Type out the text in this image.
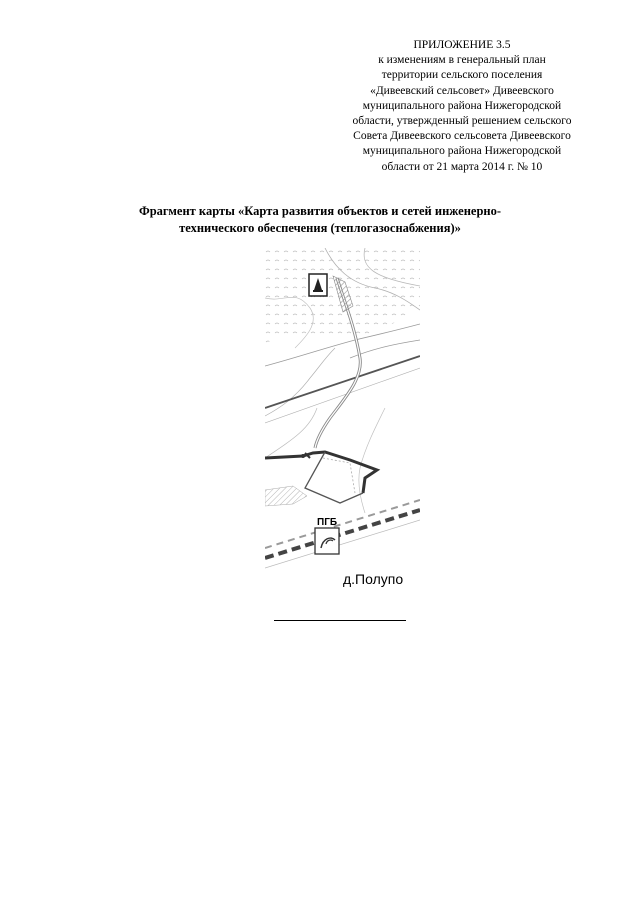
ПРИЛОЖЕНИЕ 3.5
к изменениям в генеральный план
территории сельского поселения
«Дивеевский сельсовет» Дивеевского
муниципального района Нижегородской
области, утвержденный решением сельского
Совета Дивеевского сельсовета Дивеевского
муниципального района Нижегородской
области от 21 марта 2014 г. № 10
Фрагмент карты «Карта развития объектов и сетей инженерно-
технического обеспечения (теплогазоснабжения)»
ПГБ
д.Полупо
